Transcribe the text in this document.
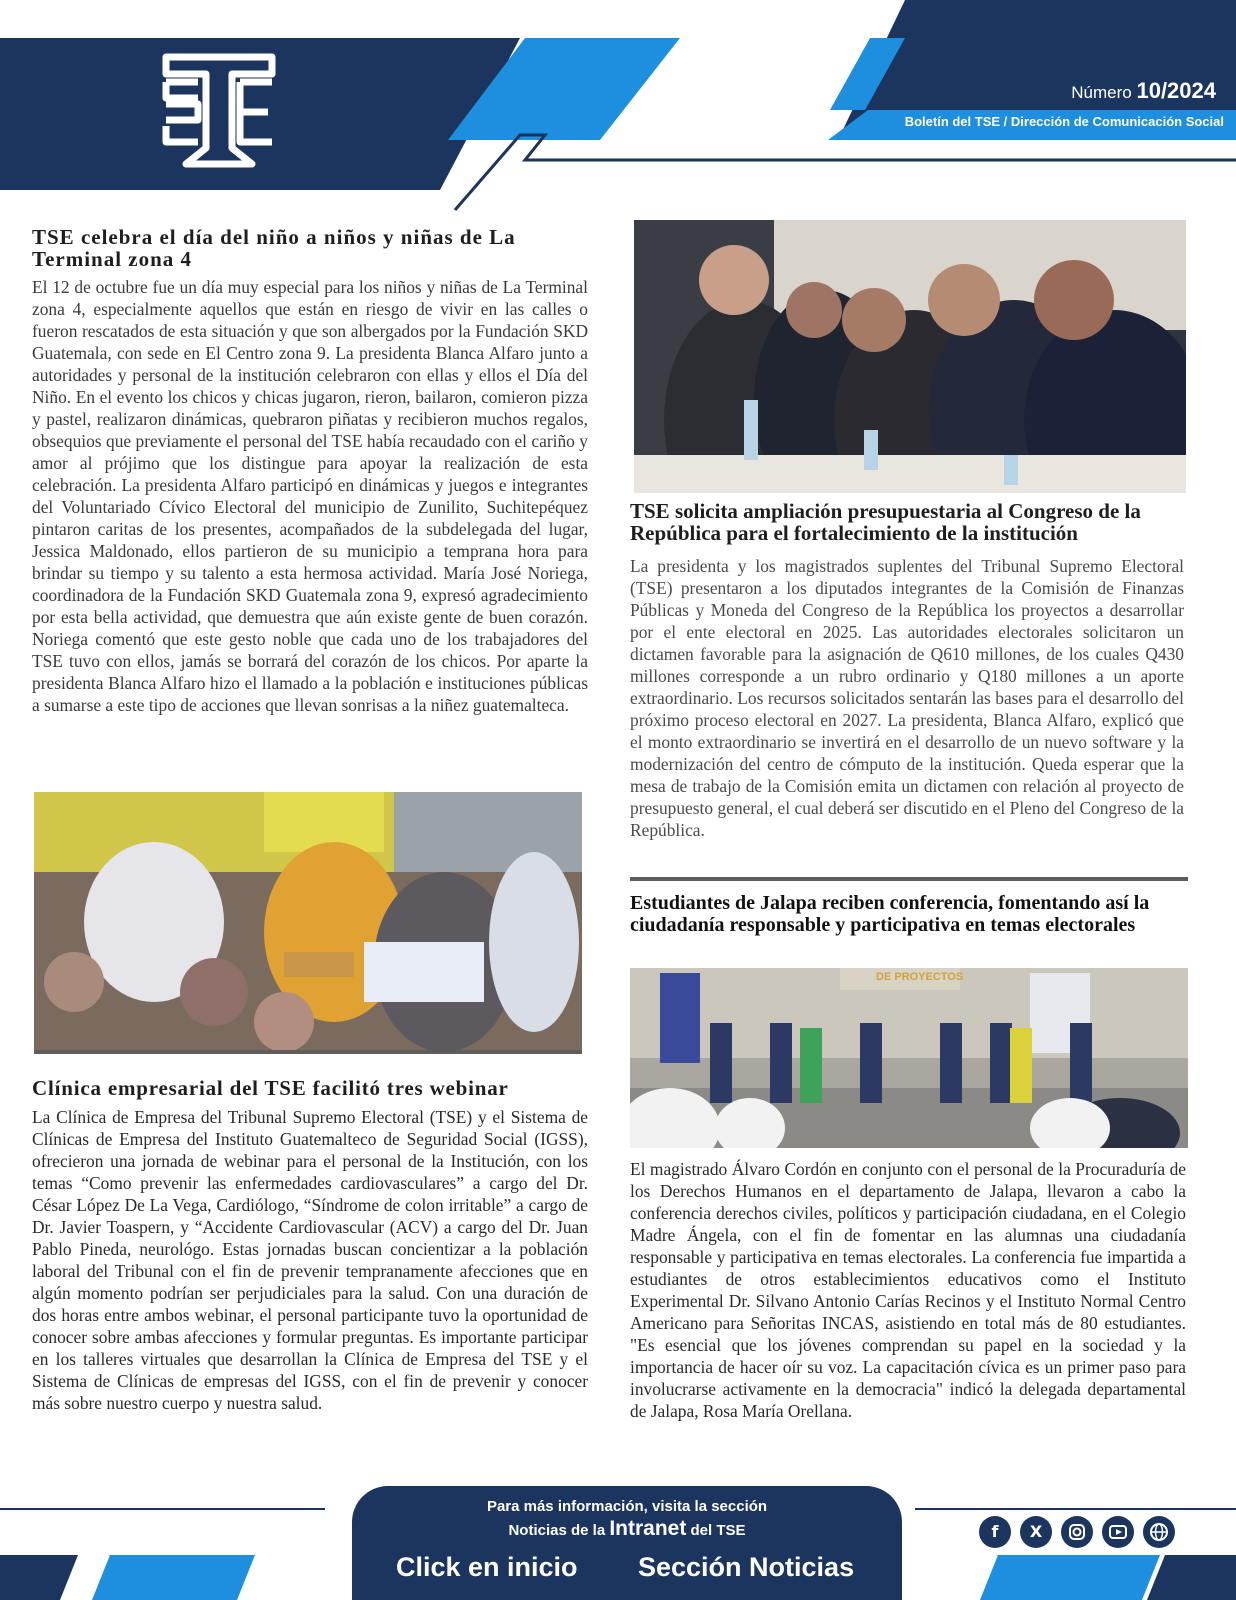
Número 10/2024
Boletín del TSE / Dirección de Comunicación Social
TSE celebra el día del niño a niños y niñas de La Terminal zona 4

El 12 de octubre fue un día muy especial para los niños y niñas de La Terminal zona 4, especialmente aquellos que están en riesgo de vivir en las calles o fueron rescatados de esta situación y que son albergados por la Fundación SKD Guatemala, con sede en El Centro zona 9. La presidenta Blanca Alfaro junto a autoridades y personal de la institución celebraron con ellas y ellos el Día del Niño. En el evento los chicos y chicas jugaron, rieron, bailaron, comieron pizza y pastel, realizaron dinámicas, quebraron piñatas y recibieron muchos regalos, obsequios que previamente el personal del TSE había recaudado con el cariño y amor al prójimo que los distingue para apoyar la realización de esta celebración. La presidenta Alfaro participó en dinámicas y juegos e integrantes del Voluntariado Cívico Electoral del municipio de Zunilito, Suchitepéquez pintaron caritas de los presentes, acompañados de la subdelegada del lugar, Jessica Maldonado, ellos partieron de su municipio a temprana hora para brindar su tiempo y su talento a esta hermosa actividad. María José Noriega, coordinadora de la Fundación SKD Guatemala zona 9, expresó agradecimiento por esta bella actividad, que demuestra que aún existe gente de buen corazón. Noriega comentó que este gesto noble que cada uno de los trabajadores del TSE tuvo con ellos, jamás se borrará del corazón de los chicos. Por aparte la presidenta Blanca Alfaro hizo el llamado a la población e instituciones públicas a sumarse a este tipo de acciones que llevan sonrisas a la niñez guatemalteca.

Clínica empresarial del TSE facilitó tres webinar

La Clínica de Empresa del Tribunal Supremo Electoral (TSE) y el Sistema de Clínicas de Empresa del Instituto Guatemalteco de Seguridad Social (IGSS), ofrecieron una jornada de webinar para el personal de la Institución, con los temas “Como prevenir las enfermedades cardiovasculares” a cargo del Dr. César López De La Vega, Cardiólogo, “Síndrome de colon irritable” a cargo de Dr. Javier Toaspern, y “Accidente Cardiovascular (ACV) a cargo del Dr. Juan Pablo Pineda, neurológo. Estas jornadas buscan concientizar a la población laboral del Tribunal con el fin de prevenir tempranamente afecciones que en algún momento podrían ser perjudiciales para la salud. Con una duración de dos horas entre ambos webinar, el personal participante tuvo la oportunidad de conocer sobre ambas afecciones y formular preguntas. Es importante participar en los talleres virtuales que desarrollan la Clínica de Empresa del TSE y el Sistema de Clínicas de empresas del IGSS, con el fin de prevenir y conocer más sobre nuestro cuerpo y nuestra salud.

TSE solicita ampliación presupuestaria al Congreso de la República para el fortalecimiento de la institución

La presidenta y los magistrados suplentes del Tribunal Supremo Electoral (TSE) presentaron a los diputados integrantes de la Comisión de Finanzas Públicas y Moneda del Congreso de la República los proyectos a desarrollar por el ente electoral en 2025. Las autoridades electorales solicitaron un dictamen favorable para la asignación de Q610 millones, de los cuales Q430 millones corresponde a un rubro ordinario y Q180 millones a un aporte extraordinario. Los recursos solicitados sentarán las bases para el desarrollo del próximo proceso electoral en 2027. La presidenta, Blanca Alfaro, explicó que el monto extraordinario se invertirá en el desarrollo de un nuevo software y la modernización del centro de cómputo de la institución. Queda esperar que la mesa de trabajo de la Comisión emita un dictamen con relación al proyecto de presupuesto general, el cual deberá ser discutido en el Pleno del Congreso de la República.

Estudiantes de Jalapa reciben conferencia, fomentando así la ciudadanía responsable y participativa en temas electorales
DE PROYECTOS

El magistrado Álvaro Cordón en conjunto con el personal de la Procuraduría de los Derechos Humanos en el departamento de Jalapa, llevaron a cabo la conferencia derechos civiles, políticos y participación ciudadana, en el Colegio Madre Ángela, con el fin de fomentar en las alumnas una ciudadanía responsable y participativa en temas electorales. La conferencia fue impartida a estudiantes de otros establecimientos educativos como el Instituto Experimental Dr. Silvano Antonio Carías Recinos y el Instituto Normal Centro Americano para Señoritas INCAS, asistiendo en total más de 80 estudiantes. "Es esencial que los jóvenes comprendan su papel en la sociedad y la importancia de hacer oír su voz. La capacitación cívica es un primer paso para involucrarse activamente en la democracia" indicó la delegada departamental de Jalapa, Rosa María Orellana.

Para más información, visita la sección
Noticias de la Intranet del TSE
Click en inicio Sección Noticias
f	X
